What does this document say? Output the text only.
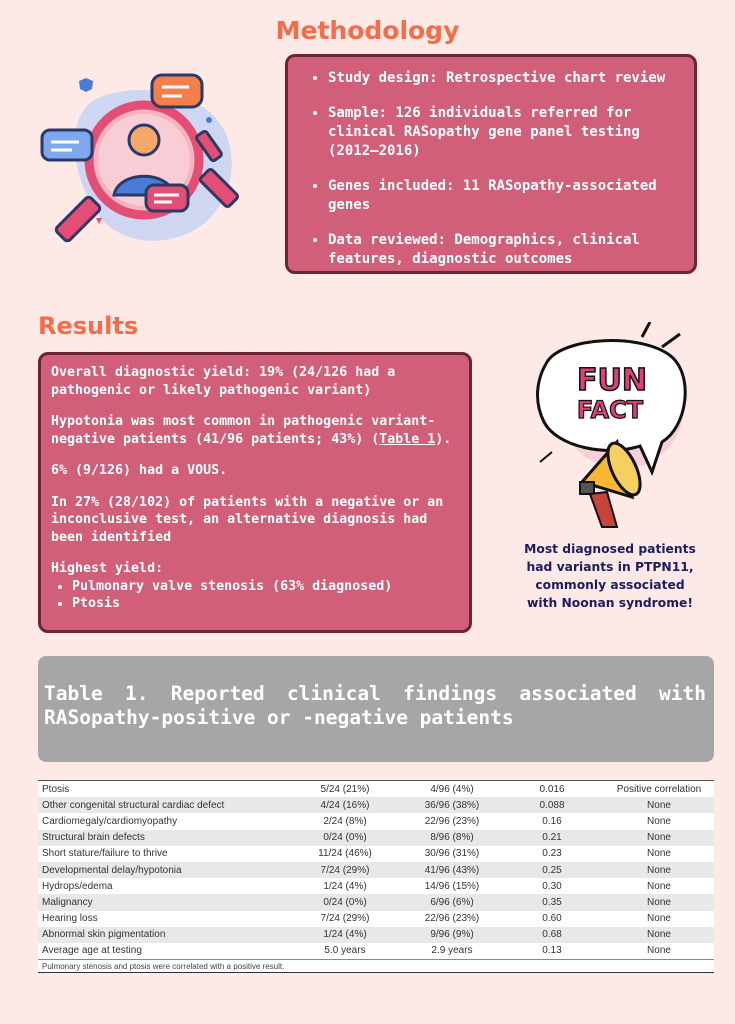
Methodology
• Study design: Retrospective chart review
• Sample: 126 individuals referred for clinical RASopathy gene panel testing (2012–2016)
• Genes included: 11 RASopathy-associated genes
• Data reviewed: Demographics, clinical features, diagnostic outcomes
Results

Overall diagnostic yield: 19% (24/126 had a pathogenic or likely pathogenic variant)

Hypotonia was most common in pathogenic variant-negative patients (41/96 patients; 43%) (Table 1).

6% (9/126) had a VOUS.

In 27% (28/102) of patients with a negative or an inconclusive test, an alternative diagnosis had been identified

Highest yield:
• Pulmonary valve stenosis (63% diagnosed)
• Ptosis
FUN
FACT
Most diagnosed patients had variants in PTPN11, commonly associated with Noonan syndrome!
Table 1. Reported clinical findings associated with RASopathy-positive or -negative patients
Ptosis	5/24 (21%)	4/96 (4%)	0.016	Positive correlation
Other congenital structural cardiac defect	4/24 (16%)	36/96 (38%)	0.088	None
Cardiomegaly/cardiomyopathy	2/24 (8%)	22/96 (23%)	0.16	None
Structural brain defects	0/24 (0%)	8/96 (8%)	0.21	None
Short stature/failure to thrive	11/24 (46%)	30/96 (31%)	0.23	None
Developmental delay/hypotonia	7/24 (29%)	41/96 (43%)	0.25	None
Hydrops/edema	1/24 (4%)	14/96 (15%)	0.30	None
Malignancy	0/24 (0%)	6/96 (6%)	0.35	None
Hearing loss	7/24 (29%)	22/96 (23%)	0.60	None
Abnormal skin pigmentation	1/24 (4%)	9/96 (9%)	0.68	None
Average age at testing	5.0 years	2.9 years	0.13	None
Pulmonary stenosis and ptosis were correlated with a positive result.				
